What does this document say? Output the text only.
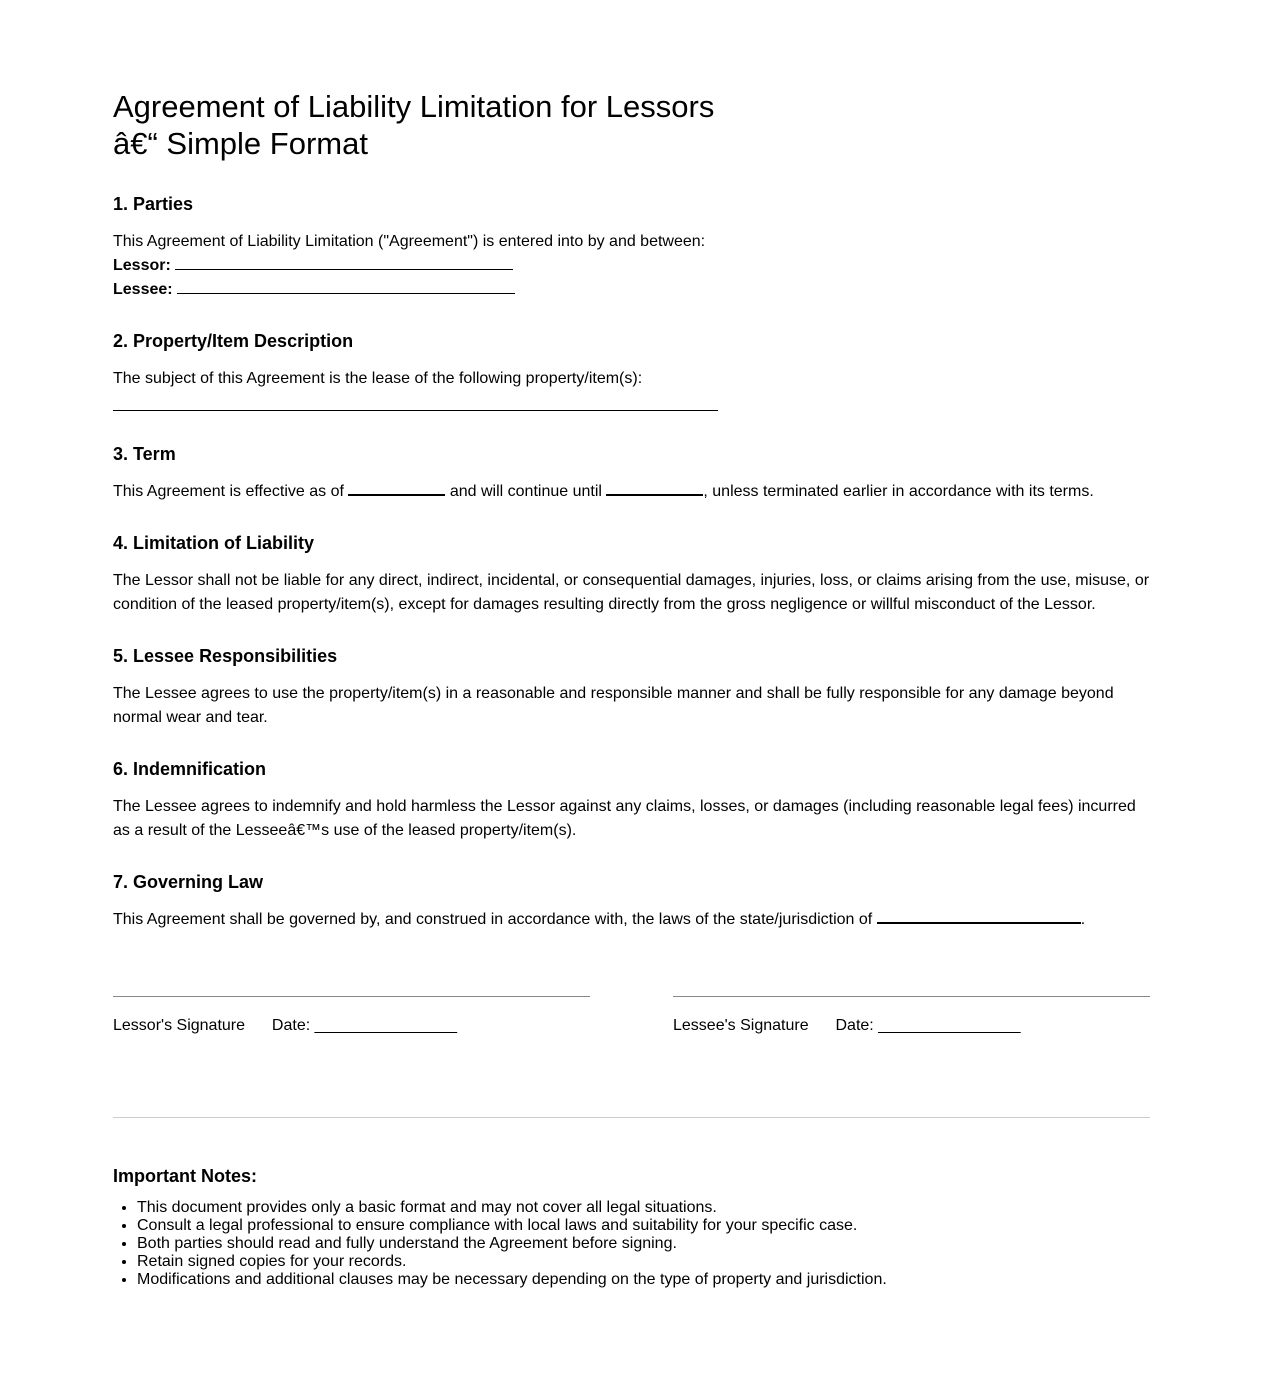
Agreement of Liability Limitation for Lessors
â€“ Simple Format
1. Parties
This Agreement of Liability Limitation ("Agreement") is entered into by and between:
Lessor:
Lessee:
2. Property/Item Description
The subject of this Agreement is the lease of the following property/item(s):
3. Term
This Agreement is effective as of	and will continue until	, unless terminated earlier in accordance with its terms.
4. Limitation of Liability
The Lessor shall not be liable for any direct, indirect, incidental, or consequential damages, injuries, loss, or claims arising from the use, misuse, or condition of the leased property/item(s), except for damages resulting directly from the gross negligence or willful misconduct of the Lessor.
5. Lessee Responsibilities
The Lessee agrees to use the property/item(s) in a reasonable and responsible manner and shall be fully responsible for any damage beyond normal wear and tear.
6. Indemnification
The Lessee agrees to indemnify and hold harmless the Lessor against any claims, losses, or damages (including reasonable legal fees) incurred as a result of the Lesseeâ€™s use of the leased property/item(s).
7. Governing Law
This Agreement shall be governed by, and construed in accordance with, the laws of the state/jurisdiction of	.
Lessor's Signature Date: ________________	Lessee's Signature Date: ________________
Important Notes:
• This document provides only a basic format and may not cover all legal situations.
• Consult a legal professional to ensure compliance with local laws and suitability for your specific case.
• Both parties should read and fully understand the Agreement before signing.
• Retain signed copies for your records.
• Modifications and additional clauses may be necessary depending on the type of property and jurisdiction.
